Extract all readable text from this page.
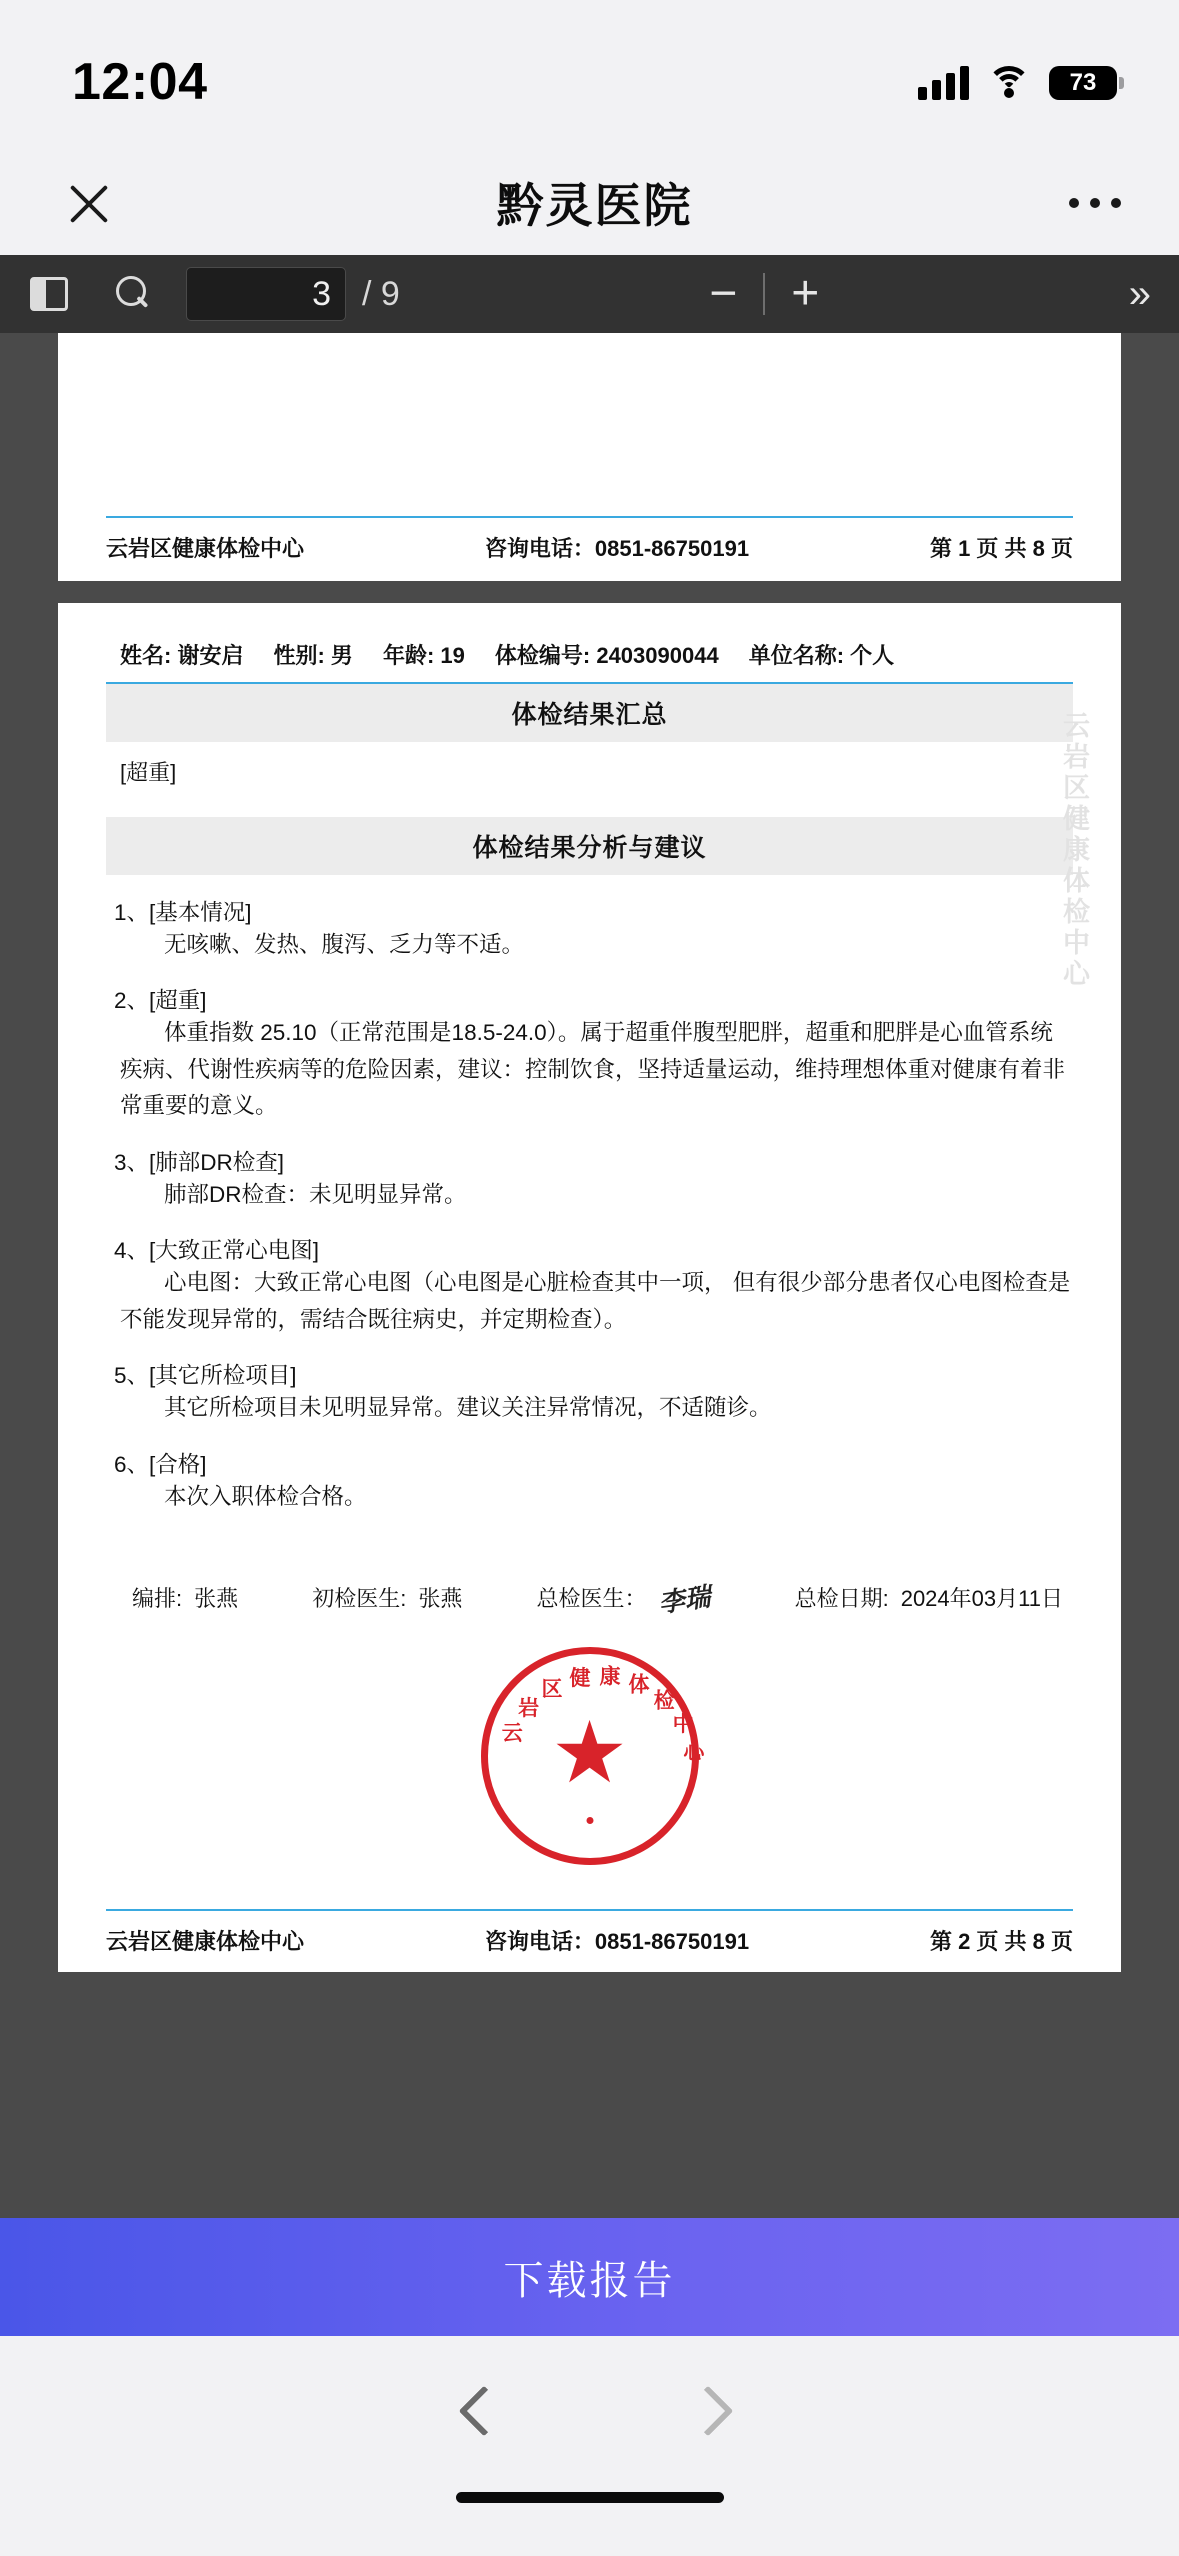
12:04	73
黔灵医院
3
/ 9	−	+	»
云岩区健康体检中心	咨询电话：0851-86750191	第 1 页 共 8 页
云岩区健康体检中心
姓名: 谢安启 性别: 男 年龄: 19 体检编号: 2403090044 单位名称: 个人
体检结果汇总
[超重]
体检结果分析与建议
1、[基本情况]
无咳嗽、发热、腹泻、乏力等不适。
2、[超重]
体重指数 25.10（正常范围是18.5-24.0）。属于超重伴腹型肥胖，超重和肥胖是心血管系统疾病、代谢性疾病等的危险因素，建议：控制饮食，坚持适量运动，维持理想体重对健康有着非常重要的意义。
3、[肺部DR检查]
肺部DR检查：未见明显异常。
4、[大致正常心电图]
心电图：大致正常心电图（心电图是心脏检查其中一项， 但有很少部分患者仅心电图检查是不能发现异常的，需结合既往病史，并定期检查）。
5、[其它所检项目]
其它所检项目未见明显异常。建议关注异常情况，不适随诊。
6、[合格]
本次入职体检合格。
编排: 张燕	初检医生: 张燕	总检医生： 李瑞	总检日期: 2024年03月11日
★
云
岩
区 健 康 体
检
中
心
云岩区健康体检中心	咨询电话：0851-86750191	第 2 页 共 8 页
下载报告
